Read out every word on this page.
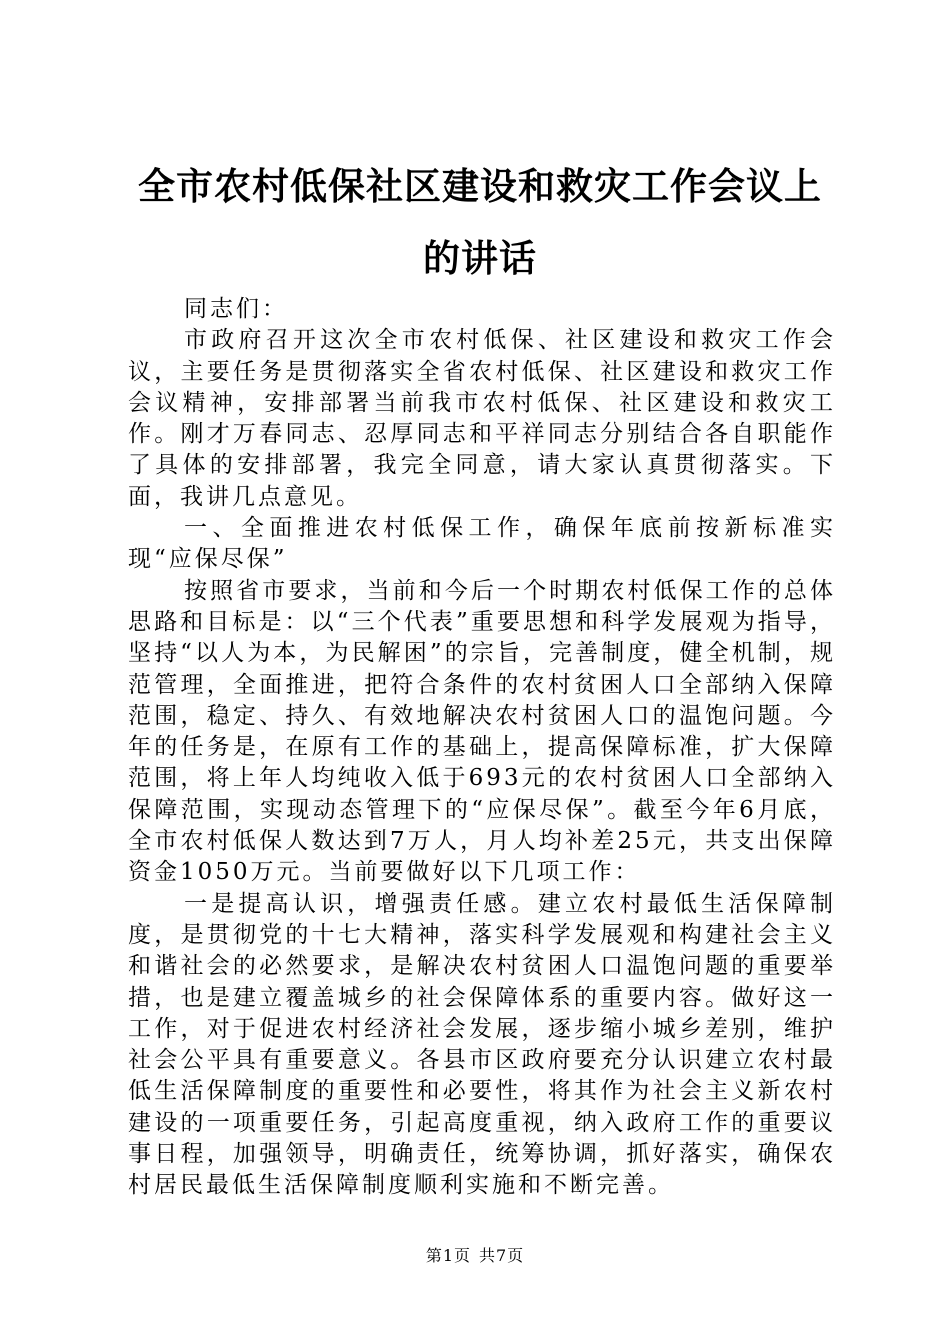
全市农村低保社区建设和救灾工作会议上的讲话

同志们：

市政府召开这次全市农村低保、社区建设和救灾工作会议，主要任务是贯彻落实全省农村低保、社区建设和救灾工作会议精神，安排部署当前我市农村低保、社区建设和救灾工作。刚才万春同志、忍厚同志和平祥同志分别结合各自职能作了具体的安排部署，我完全同意，请大家认真贯彻落实。下面，我讲几点意见。

一、全面推进农村低保工作，确保年底前按新标准实现“应保尽保”

按照省市要求，当前和今后一个时期农村低保工作的总体思路和目标是：以“三个代表”重要思想和科学发展观为指导，坚持“以人为本，为民解困”的宗旨，完善制度，健全机制，规范管理，全面推进，把符合条件的农村贫困人口全部纳入保障范围，稳定、持久、有效地解决农村贫困人口的温饱问题。今年的任务是，在原有工作的基础上，提高保障标准，扩大保障范围，将上年人均纯收入低于693元的农村贫困人口全部纳入保障范围，实现动态管理下的“应保尽保”。截至今年6月底，全市农村低保人数达到7万人，月人均补差25元，共支出保障资金1050万元。当前要做好以下几项工作：

一是提高认识，增强责任感。建立农村最低生活保障制度，是贯彻党的十七大精神，落实科学发展观和构建社会主义和谐社会的必然要求，是解决农村贫困人口温饱问题的重要举措，也是建立覆盖城乡的社会保障体系的重要内容。做好这一工作，对于促进农村经济社会发展，逐步缩小城乡差别，维护社会公平具有重要意义。各县市区政府要充分认识建立农村最低生活保障制度的重要性和必要性，将其作为社会主义新农村建设的一项重要任务，引起高度重视，纳入政府工作的重要议事日程，加强领导，明确责任，统筹协调，抓好落实，确保农村居民最低生活保障制度顺利实施和不断完善。

第1页 共7页
